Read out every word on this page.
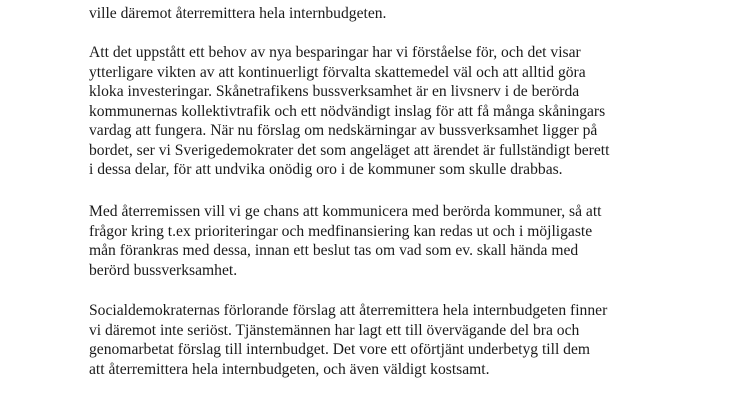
ville däremot återremittera hela internbudgeten.
Att det uppstått ett behov av nya besparingar har vi förståelse för, och det visar
ytterligare vikten av att kontinuerligt förvalta skattemedel väl och att alltid göra
kloka investeringar. Skånetrafikens bussverksamhet är en livsnerv i de berörda
kommunernas kollektivtrafik och ett nödvändigt inslag för att få många skåningars
vardag att fungera. När nu förslag om nedskärningar av bussverksamhet ligger på
bordet, ser vi Sverigedemokrater det som angeläget att ärendet är fullständigt berett
i dessa delar, för att undvika onödig oro i de kommuner som skulle drabbas.
Med återremissen vill vi ge chans att kommunicera med berörda kommuner, så att
frågor kring t.ex prioriteringar och medfinansiering kan redas ut och i möjligaste
mån förankras med dessa, innan ett beslut tas om vad som ev. skall hända med
berörd bussverksamhet.
Socialdemokraternas förlorande förslag att återremittera hela internbudgeten finner
vi däremot inte seriöst. Tjänstemännen har lagt ett till övervägande del bra och
genomarbetat förslag till internbudget. Det vore ett oförtjänt underbetyg till dem
att återremittera hela internbudgeten, och även väldigt kostsamt.
